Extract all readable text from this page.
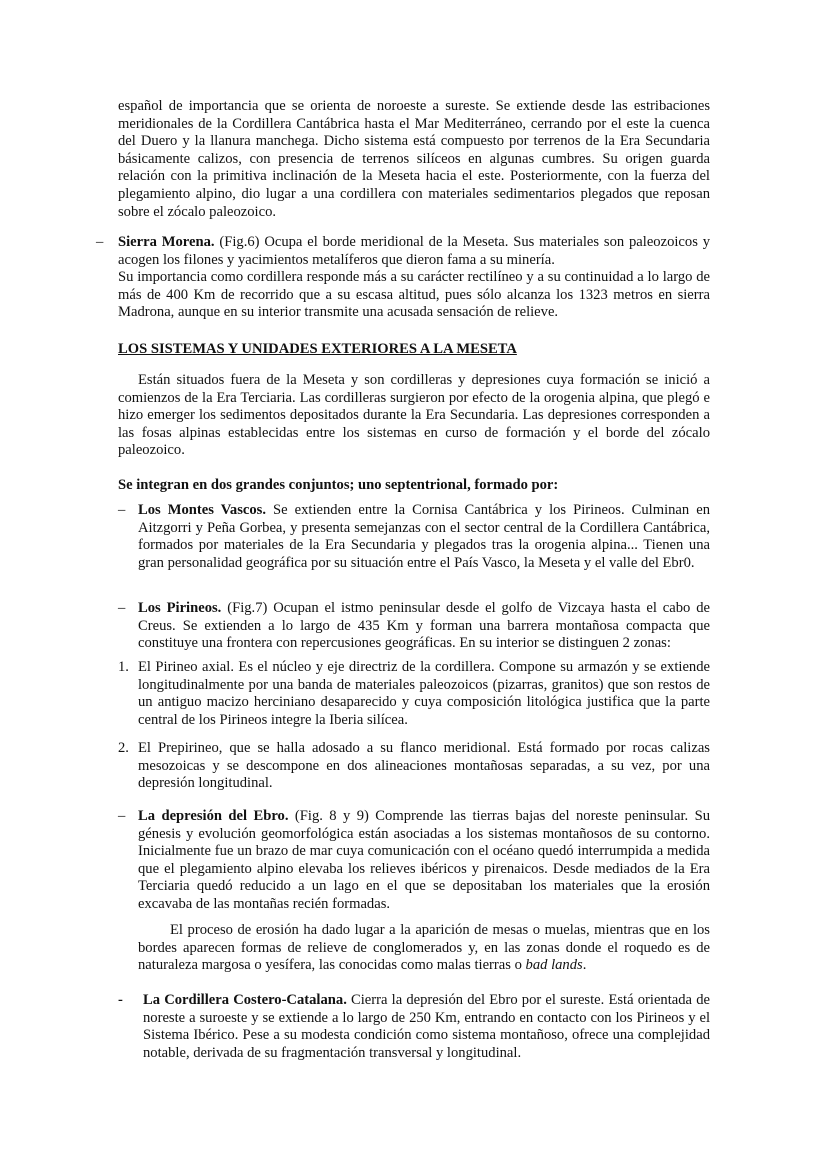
español de importancia que se orienta de noroeste a sureste. Se extiende desde las estribaciones meridionales de la Cordillera Cantábrica hasta el Mar Mediterráneo, cerrando por el este la cuenca del Duero y la llanura manchega. Dicho sistema está compuesto por terrenos de la Era Secundaria básicamente calizos, con presencia de terrenos silíceos en algunas cumbres. Su origen guarda relación con la primitiva inclinación de la Meseta hacia el este. Posteriormente, con la fuerza del plegamiento alpino, dio lugar a una cordillera con materiales sedimentarios plegados que reposan sobre el zócalo paleozoico.

– Sierra Morena. (Fig.6) Ocupa el borde meridional de la Meseta. Sus materiales son paleozoicos y acogen los filones y yacimientos metalíferos que dieron fama a su minería.

Su importancia como cordillera responde más a su carácter rectilíneo y a su continuidad a lo largo de más de 400 Km de recorrido que a su escasa altitud, pues sólo alcanza los 1323 metros en sierra Madrona, aunque en su interior transmite una acusada sensación de relieve.

LOS SISTEMAS Y UNIDADES EXTERIORES A LA MESETA

Están situados fuera de la Meseta y son cordilleras y depresiones cuya formación se inició a comienzos de la Era Terciaria. Las cordilleras surgieron por efecto de la orogenia alpina, que plegó e hizo emerger los sedimentos depositados durante la Era Secundaria. Las depresiones corresponden a las fosas alpinas establecidas entre los sistemas en curso de formación y el borde del zócalo paleozoico.

Se integran en dos grandes conjuntos; uno septentrional, formado por:
– Los Montes Vascos. Se extienden entre la Cornisa Cantábrica y los Pirineos. Culminan en Aitzgorri y Peña Gorbea, y presenta semejanzas con el sector central de la Cordillera Cantábrica, formados por materiales de la Era Secundaria y plegados tras la orogenia alpina... Tienen una gran personalidad geográfica por su situación entre el País Vasco, la Meseta y el valle del Ebr0.

– Los Pirineos. (Fig.7) Ocupan el istmo peninsular desde el golfo de Vizcaya hasta el cabo de Creus. Se extienden a lo largo de 435 Km y forman una barrera montañosa compacta que constituye una frontera con repercusiones geográficas. En su interior se distinguen 2 zonas:

1. El Pirineo axial. Es el núcleo y eje directriz de la cordillera. Compone su armazón y se extiende longitudinalmente por una banda de materiales paleozoicos (pizarras, granitos) que son restos de un antiguo macizo herciniano desaparecido y cuya composición litológica justifica que la parte central de los Pirineos integre la Iberia silícea.

2. El Prepirineo, que se halla adosado a su flanco meridional. Está formado por rocas calizas mesozoicas y se descompone en dos alineaciones montañosas separadas, a su vez, por una depresión longitudinal.

– La depresión del Ebro. (Fig. 8 y 9) Comprende las tierras bajas del noreste peninsular. Su génesis y evolución geomorfológica están asociadas a los sistemas montañosos de su contorno. Inicialmente fue un brazo de mar cuya comunicación con el océano quedó interrumpida a medida que el plegamiento alpino elevaba los relieves ibéricos y pirenaicos. Desde mediados de la Era Terciaria quedó reducido a un lago en el que se depositaban los materiales que la erosión excavaba de las montañas recién formadas.

El proceso de erosión ha dado lugar a la aparición de mesas o muelas, mientras que en los bordes aparecen formas de relieve de conglomerados y, en las zonas donde el roquedo es de naturaleza margosa o yesífera, las conocidas como malas tierras o bad lands.

- La Cordillera Costero-Catalana. Cierra la depresión del Ebro por el sureste. Está orientada de noreste a suroeste y se extiende a lo largo de 250 Km, entrando en contacto con los Pirineos y el Sistema Ibérico. Pese a su modesta condición como sistema montañoso, ofrece una complejidad notable, derivada de su fragmentación transversal y longitudinal.
